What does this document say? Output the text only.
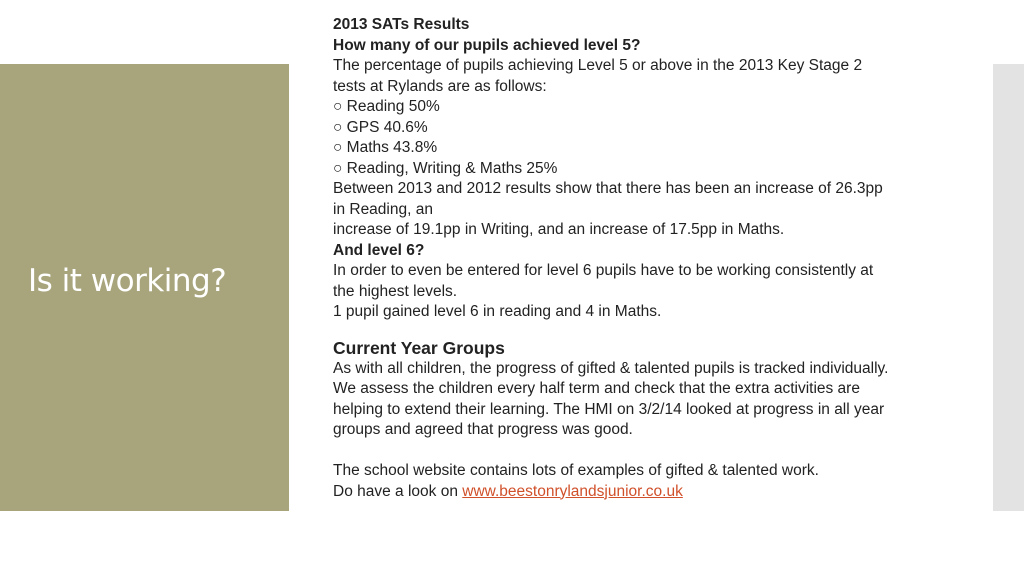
Is it working?

2013 SATs Results

How many of our pupils achieved level 5?

The percentage of pupils achieving Level 5 or above in the 2013 Key Stage 2 tests at Rylands are as follows:

○ Reading 50%

○ GPS 40.6%

○ Maths 43.8%

○ Reading, Writing & Maths 25%

Between 2013 and 2012 results show that there has been an increase of 26.3pp in Reading, an

increase of 19.1pp in Writing, and an increase of 17.5pp in Maths.

And level 6?

In order to even be entered for level 6 pupils have to be working consistently at the highest levels.

1 pupil gained level 6 in reading and 4 in Maths.

Current Year Groups

As with all children, the progress of gifted & talented pupils is tracked individually. We assess the children every half term and check that the extra activities are helping to extend their learning. The HMI on 3/2/14 looked at progress in all year groups and agreed that progress was good.

The school website contains lots of examples of gifted & talented work.

Do have a look on www.beestonrylandsjunior.co.uk
